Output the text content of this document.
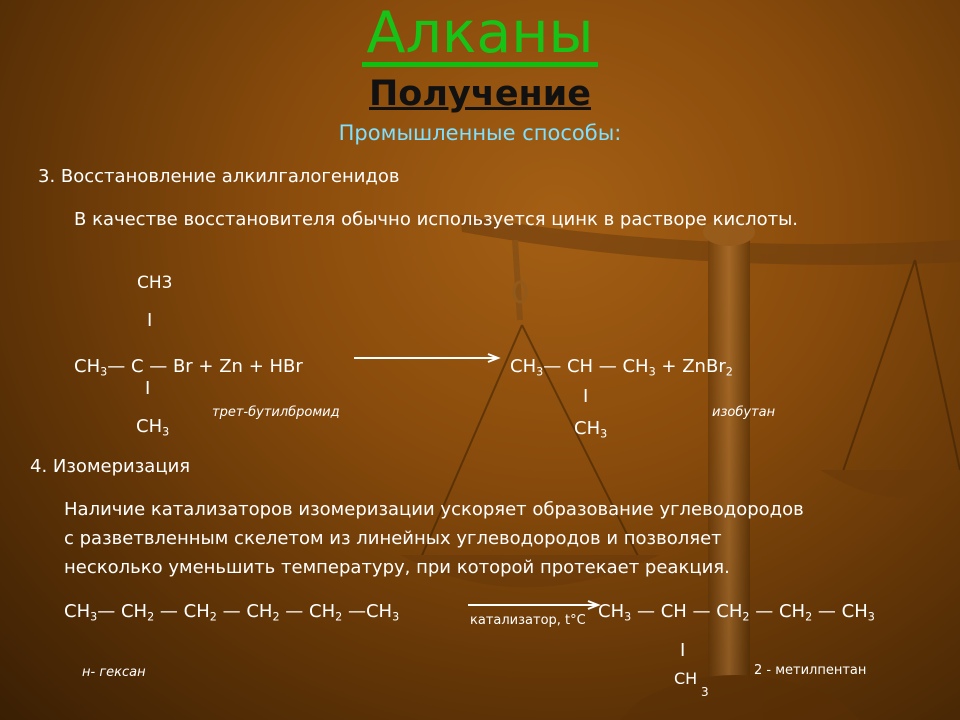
Алканы
Получение
Промышленные способы:
3. Восстановление алкилгалогенидов
В качестве восстановителя обычно используется цинк в растворе кислоты.
CH3
I
$CH_3—$ C — Br + Zn + HBr	$CH_3—$ CH — $CH_3$ + ZnBr$_2$
I	I
трет-бутилбромид	изобутан
$CH_3$	$CH_3$
4. Изомеризация
Наличие катализаторов изомеризации ускоряет образование углеводородов
с разветвленным скелетом из линейных углеводородов и позволяет
несколько уменьшить температуру, при которой протекает реакция.
$CH_3—$ $CH_2$ — $CH_2$ — $CH_2$ — $CH_2$ $—CH_3$	катализатор, t°C $CH_3$ — CH — $CH_2$ — $CH_2$ — $CH_3$
I
CH
3
н- гексан	2 - метилпентан
